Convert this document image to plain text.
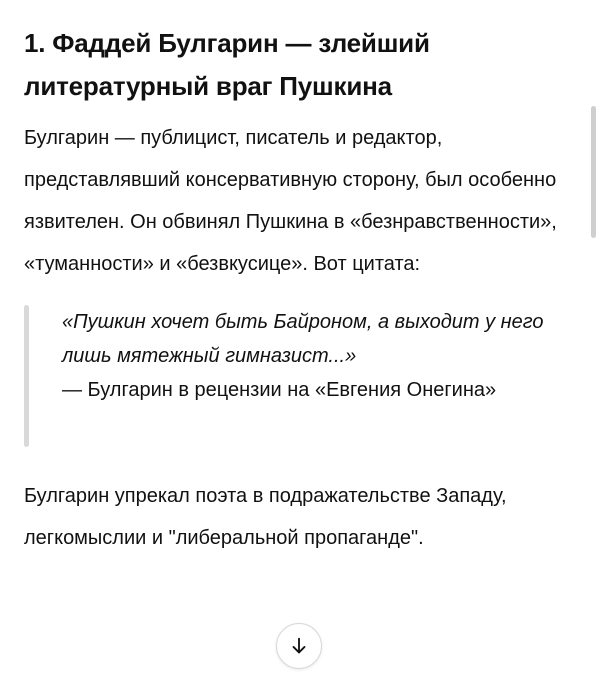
1. Фаддей Булгарин — злейший литературный враг Пушкина

Булгарин — публицист, писатель и редактор, представлявший консервативную сторону, был особенно язвителен. Он обвинял Пушкина в «безнравственности», «туманности» и «безвкусице». Вот цитата:

«Пушкин хочет быть Байроном, а выходит у него лишь мятежный гимназист...»

— Булгарин в рецензии на «Евгения Онегина»

Булгарин упрекал поэта в подражательстве Западу, легкомыслии и "либеральной пропаганде".
